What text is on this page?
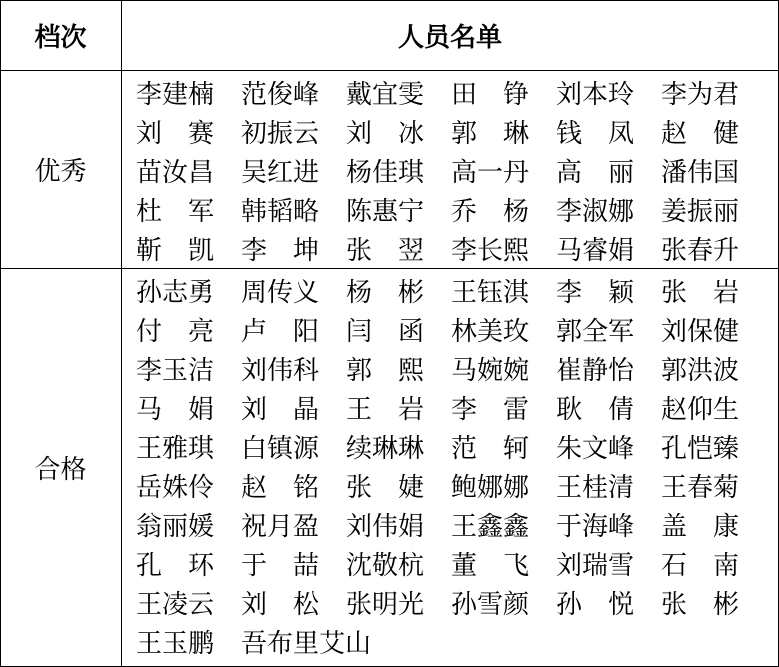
档次	人员名单
优秀
李 建 楠 范 俊 峰 戴 宜 雯 田 铮 刘 本 玲 李 为 君
刘 赛 初 振 云 刘 冰 郭 琳 钱 凤 赵 健
苗 汝 昌 吴 红 进 杨 佳 琪 高 一 丹 高 丽 潘 伟 国
杜 军 韩 韬 略 陈 惠 宁 乔 杨 李 淑 娜 姜 振 丽
靳 凯 李 坤 张 翌 李 长 熙 马 睿 娟 张 春 升
合格
孙 志 勇 周 传 义 杨 彬 王 钰 淇 李 颖 张 岩
付 亮 卢 阳 闫 函 林 美 玫 郭 全 军 刘 保 健
李 玉 洁 刘 伟 科 郭 熙 马 婉 婉 崔 静 怡 郭 洪 波
马 娟 刘 晶 王 岩 李 雷 耿 倩 赵 仰 生
王 雅 琪 白 镇 源 续 琳 琳 范 轲 朱 文 峰 孔 恺 臻
岳 姝 伶 赵 铭 张 婕 鲍 娜 娜 王 桂 清 王 春 菊
翁 丽 媛 祝 月 盈 刘 伟 娟 王 鑫 鑫 于 海 峰 盖 康
孔 环 于 喆 沈 敬 杭 董 飞 刘 瑞 雪 石 南
王 凌 云 刘 松 张 明 光 孙 雪 颜 孙 悦 张 彬
王 玉 鹏 吾布里艾山
